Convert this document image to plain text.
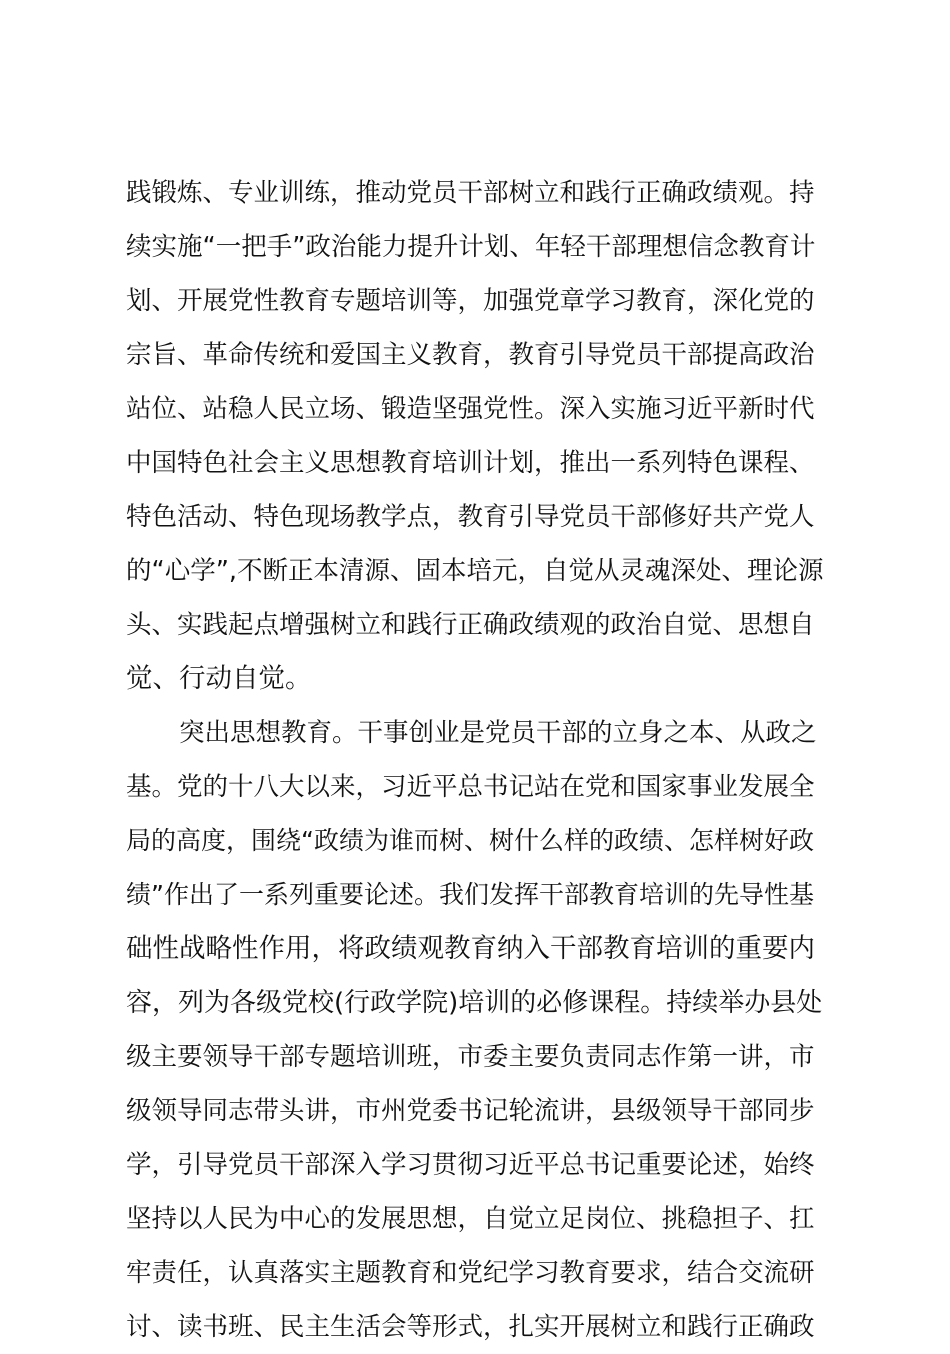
践锻炼、专业训练，推动党员干部树立和践行正确政绩观。持
续实施“一把手”政治能力提升计划、年轻干部理想信念教育计
划、开展党性教育专题培训等，加强党章学习教育，深化党的
宗旨、革命传统和爱国主义教育，教育引导党员干部提高政治
站位、站稳人民立场、锻造坚强党性。深入实施习近平新时代
中国特色社会主义思想教育培训计划，推出一系列特色课程、
特色活动、特色现场教学点，教育引导党员干部修好共产党人
的“心学”,不断正本清源、固本培元，自觉从灵魂深处、理论源
头、实践起点增强树立和践行正确政绩观的政治自觉、思想自
觉、行动自觉。
突出思想教育。干事创业是党员干部的立身之本、从政之
基。党的十八大以来，习近平总书记站在党和国家事业发展全
局的高度，围绕“政绩为谁而树、树什么样的政绩、怎样树好政
绩”作出了一系列重要论述。我们发挥干部教育培训的先导性基
础性战略性作用，将政绩观教育纳入干部教育培训的重要内
容，列为各级党校(行政学院)培训的必修课程。持续举办县处
级主要领导干部专题培训班，市委主要负责同志作第一讲，市
级领导同志带头讲，市州党委书记轮流讲，县级领导干部同步
学，引导党员干部深入学习贯彻习近平总书记重要论述，始终
坚持以人民为中心的发展思想，自觉立足岗位、挑稳担子、扛
牢责任，认真落实主题教育和党纪学习教育要求，结合交流研
讨、读书班、民主生活会等形式，扎实开展树立和践行正确政
